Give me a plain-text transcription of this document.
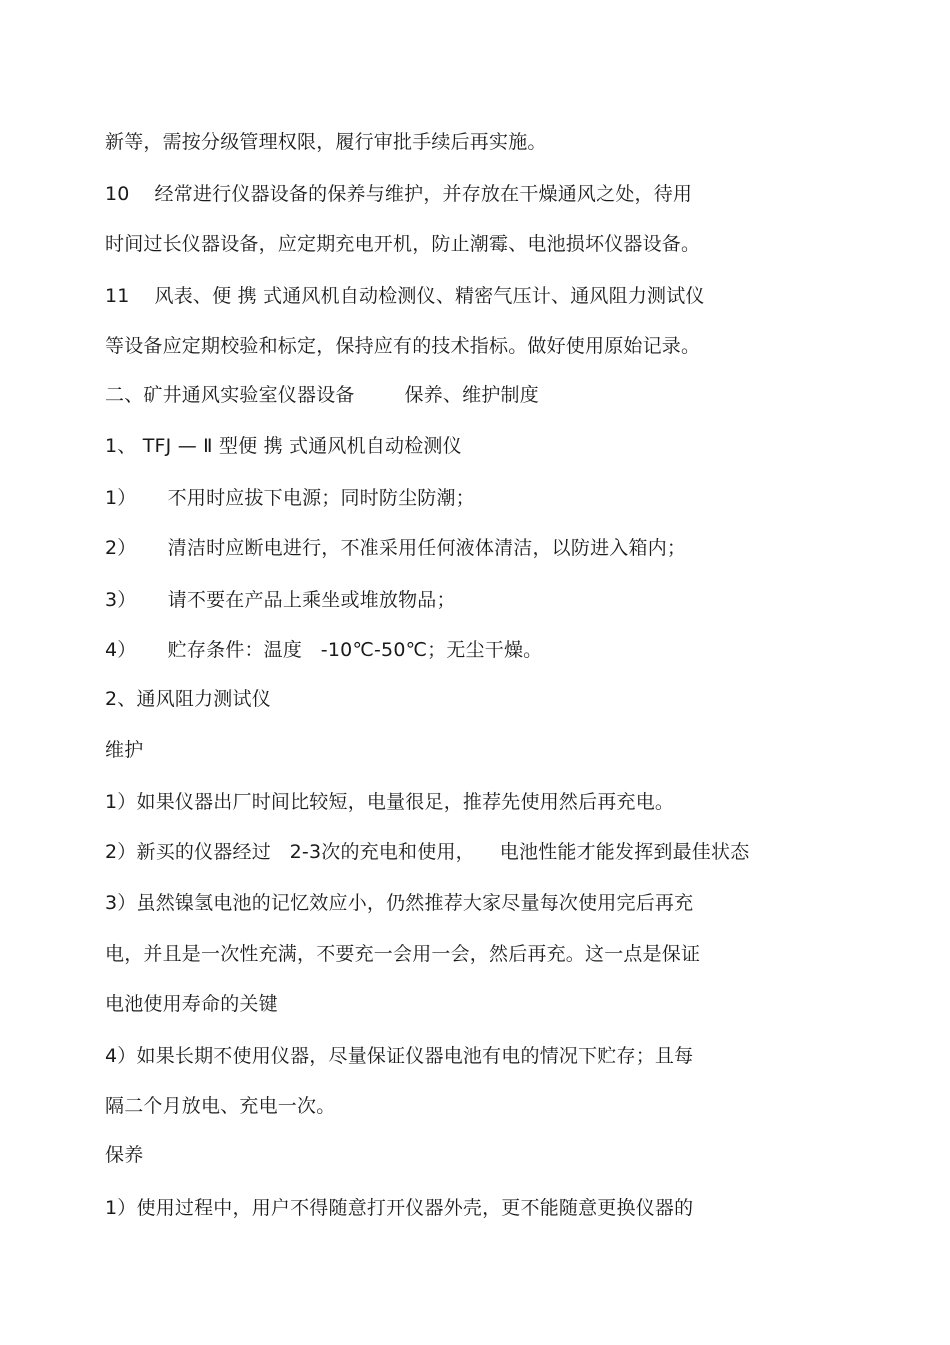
新等，需按分级管理权限，履行审批手续后再实施。
10    经常进行仪器设备的保养与维护，并存放在干燥通风之处，待用
时间过长仪器设备，应定期充电开机，防止潮霉、电池损坏仪器设备。
11    风表、便 携 式通风机自动检测仪、精密气压计、通风阻力测试仪
等设备应定期校验和标定，保持应有的技术指标。做好使用原始记录。
二、矿井通风实验室仪器设备        保养、维护制度
1、 TFJ — Ⅱ 型便 携 式通风机自动检测仪
1）     不用时应拔下电源；同时防尘防潮；
2）     清洁时应断电进行，不准采用任何液体清洁，以防进入箱内；
3）     请不要在产品上乘坐或堆放物品；
4）     贮存条件：温度   -10℃-50℃；无尘干燥。
2、通风阻力测试仪
维护
1）如果仪器出厂时间比较短，电量很足，推荐先使用然后再充电。
2）新买的仪器经过   2-3次的充电和使用，    电池性能才能发挥到最佳状态
3）虽然镍氢电池的记忆效应小，仍然推荐大家尽量每次使用完后再充
电，并且是一次性充满，不要充一会用一会，然后再充。这一点是保证
电池使用寿命的关键
4）如果长期不使用仪器，尽量保证仪器电池有电的情况下贮存；且每
隔二个月放电、充电一次。
保养
1）使用过程中，用户不得随意打开仪器外壳，更不能随意更换仪器的
